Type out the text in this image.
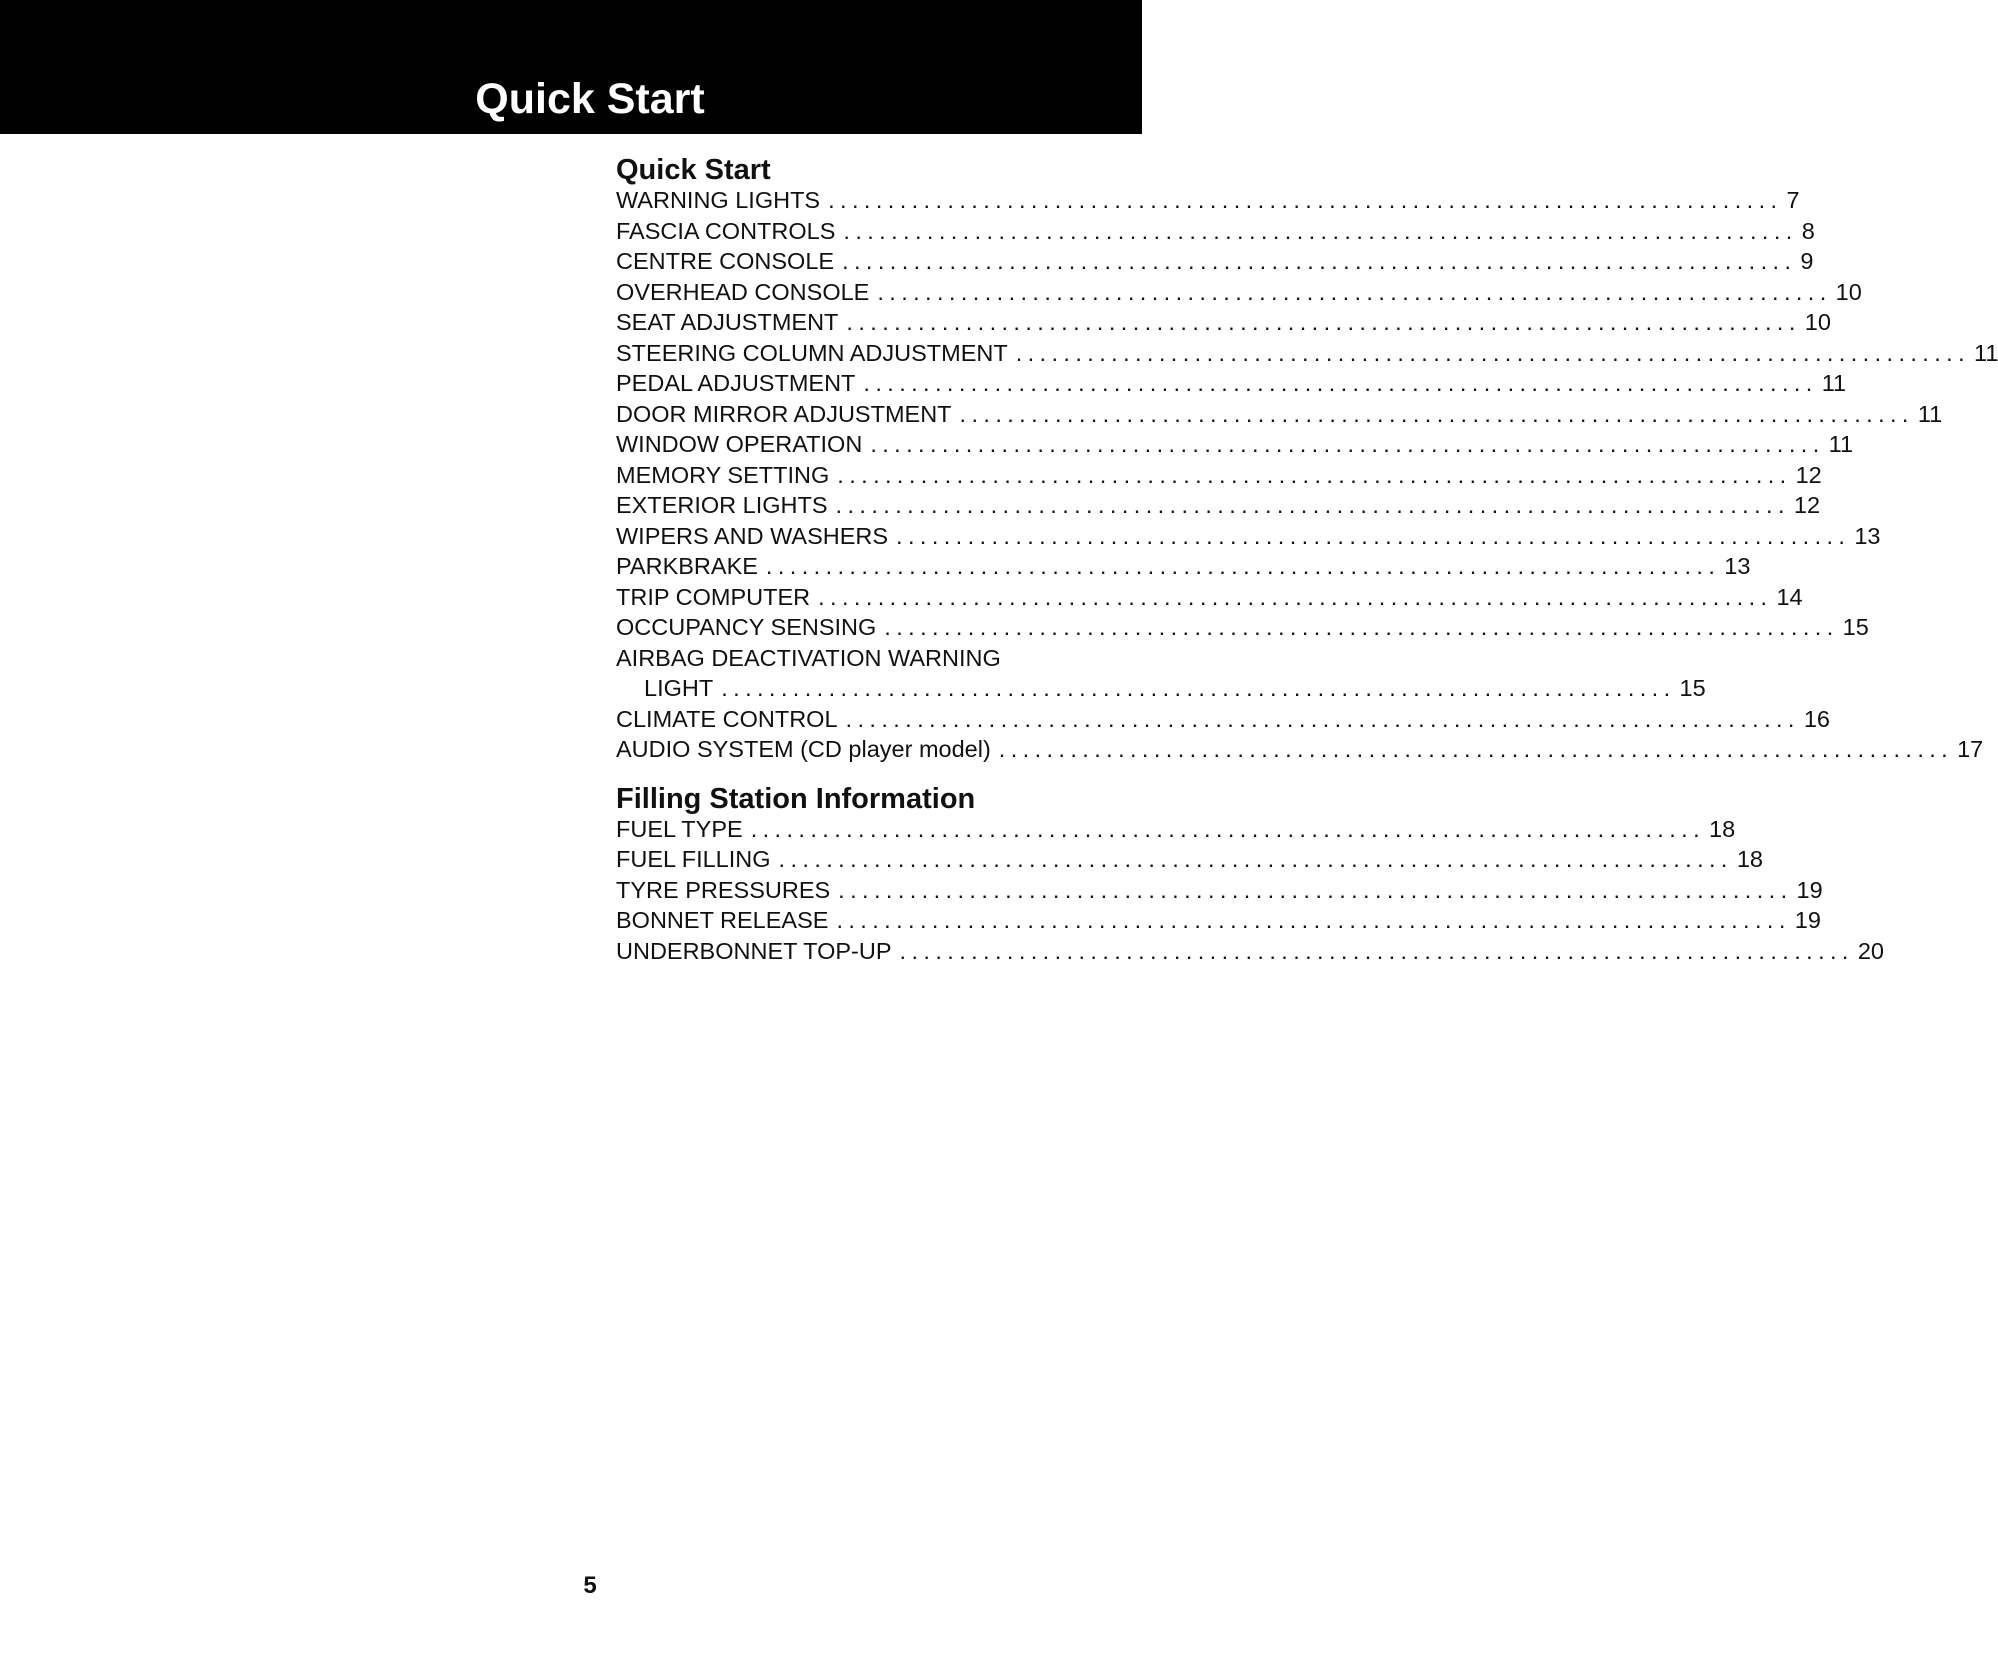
Quick Start
Quick Start
WARNING LIGHTS ................................................................................ 7
FASCIA CONTROLS ................................................................................ 8
CENTRE CONSOLE ................................................................................ 9
OVERHEAD CONSOLE ................................................................................ 10
SEAT ADJUSTMENT ................................................................................ 10
STEERING COLUMN ADJUSTMENT ................................................................................ 11
PEDAL ADJUSTMENT ................................................................................ 11
DOOR MIRROR ADJUSTMENT ................................................................................ 11
WINDOW OPERATION ................................................................................ 11
MEMORY SETTING ................................................................................ 12
EXTERIOR LIGHTS ................................................................................ 12
WIPERS AND WASHERS ................................................................................ 13
PARKBRAKE ................................................................................ 13
TRIP COMPUTER ................................................................................ 14
OCCUPANCY SENSING ................................................................................ 15
AIRBAG DEACTIVATION WARNING
LIGHT ................................................................................ 15
CLIMATE CONTROL ................................................................................ 16
AUDIO SYSTEM (CD player model) ................................................................................ 17
Filling Station Information
FUEL TYPE ................................................................................ 18
FUEL FILLING ................................................................................ 18
TYRE PRESSURES ................................................................................ 19
BONNET RELEASE ................................................................................ 19
UNDERBONNET TOP-UP ................................................................................ 20
5
